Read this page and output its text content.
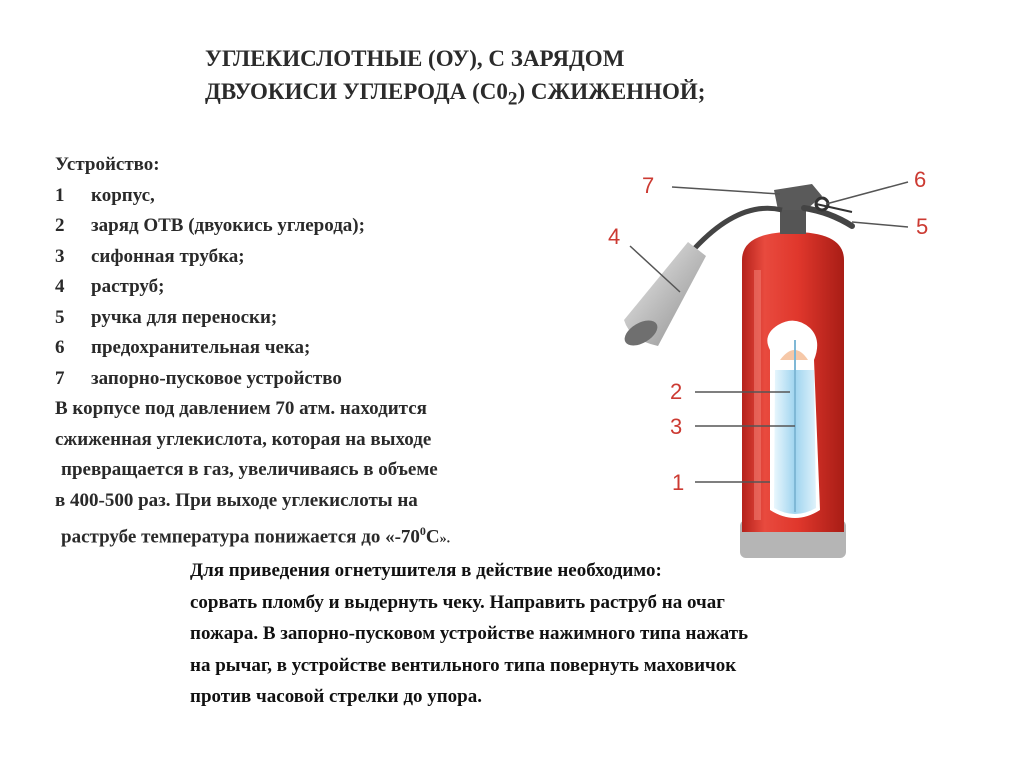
УГЛЕКИСЛОТНЫЕ (ОУ), С ЗАРЯДОМ
ДВУОКИСИ УГЛЕРОДА $(С0_2)$ СЖИЖЕННОЙ;
Устройство:
1 корпус,
2 заряд ОТВ (двуокись углерода);
3 сифонная трубка;
4 раструб;
5 ручка для переноски;
6 предохранительная чека;
7 запорно-пусковое устройство
В корпусе под давлением 70 атм. находится
сжиженная углекислота, которая на выходе
превращается в газ, увеличиваясь в объеме
в 400-500 раз. При выходе углекислоты на
раструбе температура понижается до «$-70^0С$».
7	6
5
4
2
3
1
Для приведения огнетушителя в действие необходимо:
сорвать пломбу и выдернуть чеку. Направить раструб на очаг
пожара. В запорно-пусковом устройстве нажимного типа нажать
на рычаг, в устройстве вентильного типа повернуть маховичок
против часовой стрелки до упора.
